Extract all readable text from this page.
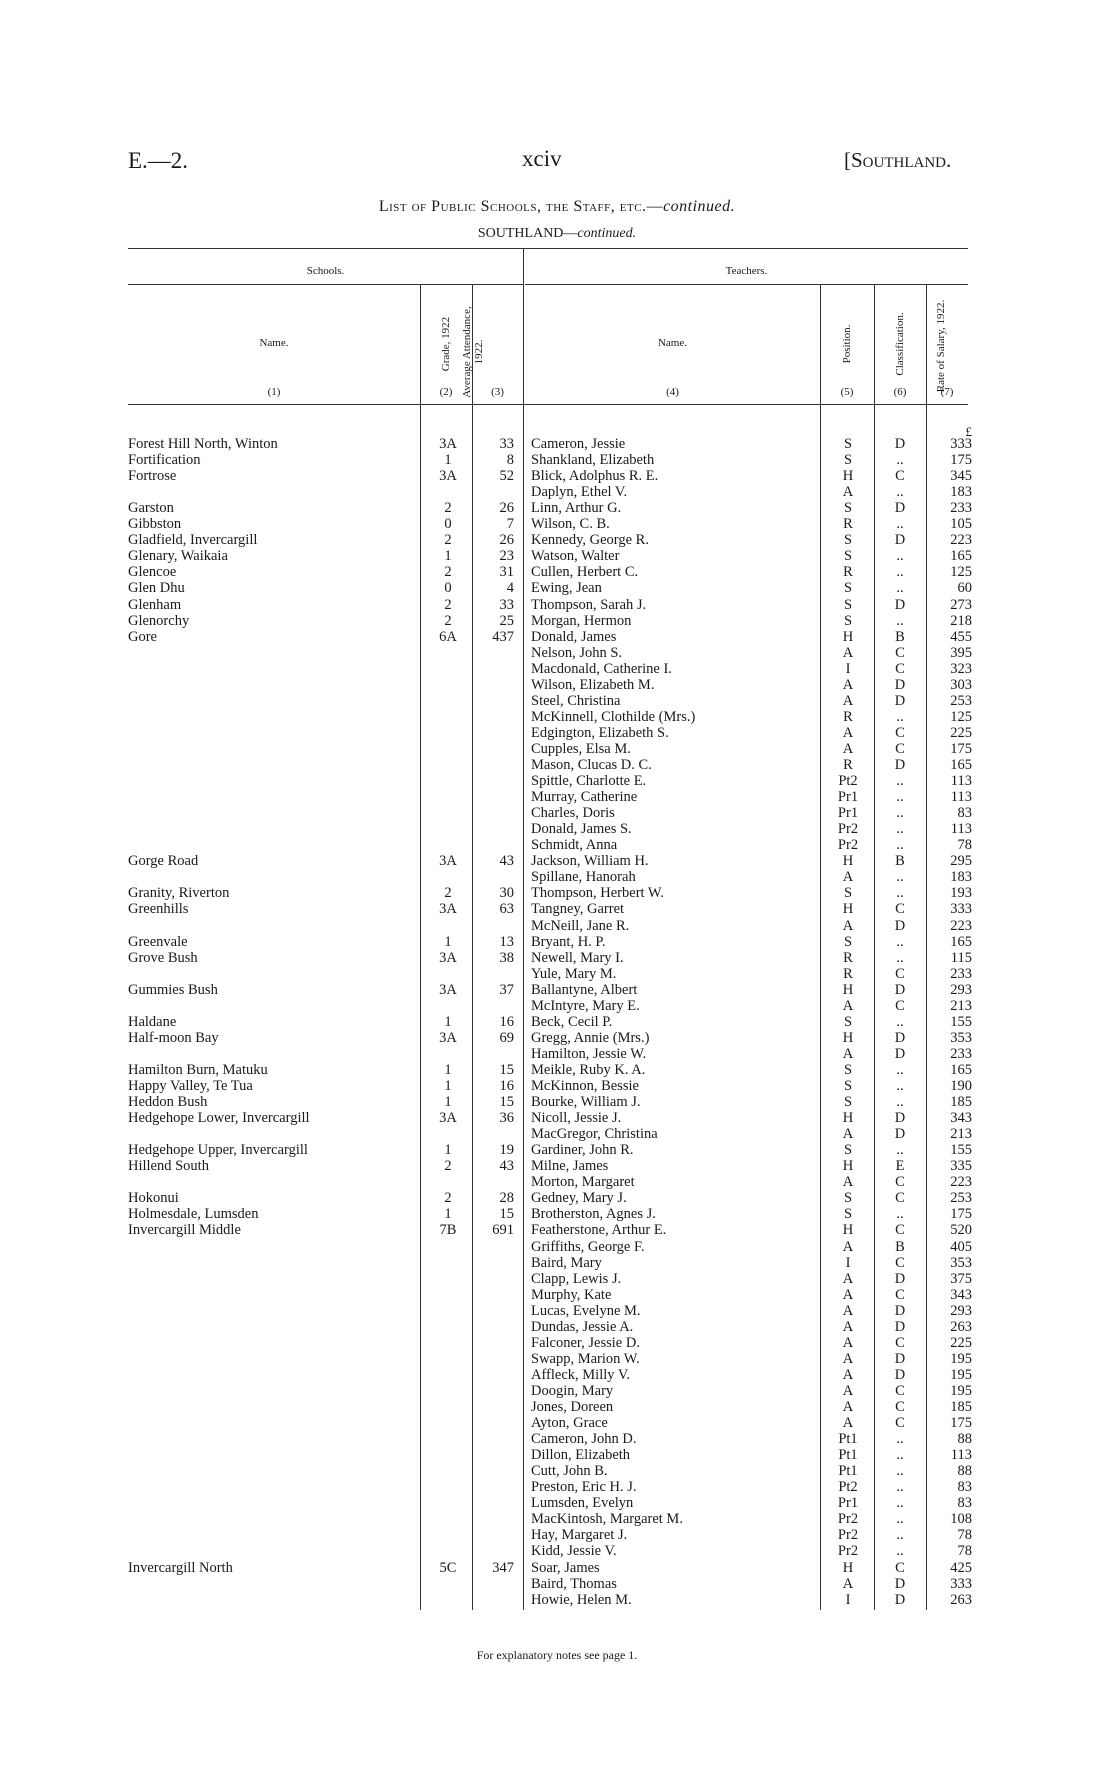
E.—2.	xciv	[Southland.
List of Public Schools, the Staff, etc.—continued.
SOUTHLAND—continued.
Schools.	Teachers.
Name.	Grade, 1922 Average Attendance, 1922.	Name.	Position.	Classification.	Rate of Salary, 1922.
(1)	(2)	(3)	(4)	(5)	(6)	(7)
£
Forest Hill North, Winton	3A	33 Cameron, Jessie	S	D	333
Fortification	1	8 Shankland, Elizabeth	S	..	175
Fortrose	3A	52 Blick, Adolphus R. E.	H	C	345
Daplyn, Ethel V.	A	..	183
Garston	2	26 Linn, Arthur G.	S	D	233
Gibbston	0	7 Wilson, C. B.	R	..	105
Gladfield, Invercargill	2	26 Kennedy, George R.	S	D	223
Glenary, Waikaia	1	23 Watson, Walter	S	..	165
Glencoe	2	31 Cullen, Herbert C.	R	..	125
Glen Dhu	0	4 Ewing, Jean	S	..	60
Glenham	2	33 Thompson, Sarah J.	S	D	273
Glenorchy	2	25 Morgan, Hermon	S	..	218
Gore	6A	437 Donald, James	H	B	455
Nelson, John S.	A	C	395
Macdonald, Catherine I.	I	C	323
Wilson, Elizabeth M.	A	D	303
Steel, Christina	A	D	253
McKinnell, Clothilde (Mrs.)	R	..	125
Edgington, Elizabeth S.	A	C	225
Cupples, Elsa M.	A	C	175
Mason, Clucas D. C.	R	D	165
Spittle, Charlotte E.	Pt2	..	113
Murray, Catherine	Pr1	..	113
Charles, Doris	Pr1	..	83
Donald, James S.	Pr2	..	113
Schmidt, Anna	Pr2	..	78
Gorge Road	3A	43 Jackson, William H.	H	B	295
Spillane, Hanorah	A	..	183
Granity, Riverton	2	30 Thompson, Herbert W.	S	..	193
Greenhills	3A	63 Tangney, Garret	H	C	333
McNeill, Jane R.	A	D	223
Greenvale	1	13 Bryant, H. P.	S	..	165
Grove Bush	3A	38 Newell, Mary I.	R	..	115
Yule, Mary M.	R	C	233
Gummies Bush	3A	37 Ballantyne, Albert	H	D	293
McIntyre, Mary E.	A	C	213
Haldane	1	16 Beck, Cecil P.	S	..	155
Half-moon Bay	3A	69 Gregg, Annie (Mrs.)	H	D	353
Hamilton, Jessie W.	A	D	233
Hamilton Burn, Matuku	1	15 Meikle, Ruby K. A.	S	..	165
Happy Valley, Te Tua	1	16 McKinnon, Bessie	S	..	190
Heddon Bush	1	15 Bourke, William J.	S	..	185
Hedgehope Lower, Invercargill	3A	36 Nicoll, Jessie J.	H	D	343
MacGregor, Christina	A	D	213
Hedgehope Upper, Invercargill	1	19 Gardiner, John R.	S	..	155
Hillend South	2	43 Milne, James	H	E	335
Morton, Margaret	A	C	223
Hokonui	2	28 Gedney, Mary J.	S	C	253
Holmesdale, Lumsden	1	15 Brotherston, Agnes J.	S	..	175
Invercargill Middle	7B	691 Featherstone, Arthur E.	H	C	520
Griffiths, George F.	A	B	405
Baird, Mary	I	C	353
Clapp, Lewis J.	A	D	375
Murphy, Kate	A	C	343
Lucas, Evelyne M.	A	D	293
Dundas, Jessie A.	A	D	263
Falconer, Jessie D.	A	C	225
Swapp, Marion W.	A	D	195
Affleck, Milly V.	A	D	195
Doogin, Mary	A	C	195
Jones, Doreen	A	C	185
Ayton, Grace	A	C	175
Cameron, John D.	Pt1	..	88
Dillon, Elizabeth	Pt1	..	113
Cutt, John B.	Pt1	..	88
Preston, Eric H. J.	Pt2	..	83
Lumsden, Evelyn	Pr1	..	83
MacKintosh, Margaret M.	Pr2	..	108
Hay, Margaret J.	Pr2	..	78
Kidd, Jessie V.	Pr2	..	78
Invercargill North	5C	347 Soar, James	H	C	425
Baird, Thomas	A	D	333
Howie, Helen M.	I	D	263
For explanatory notes see page 1.
